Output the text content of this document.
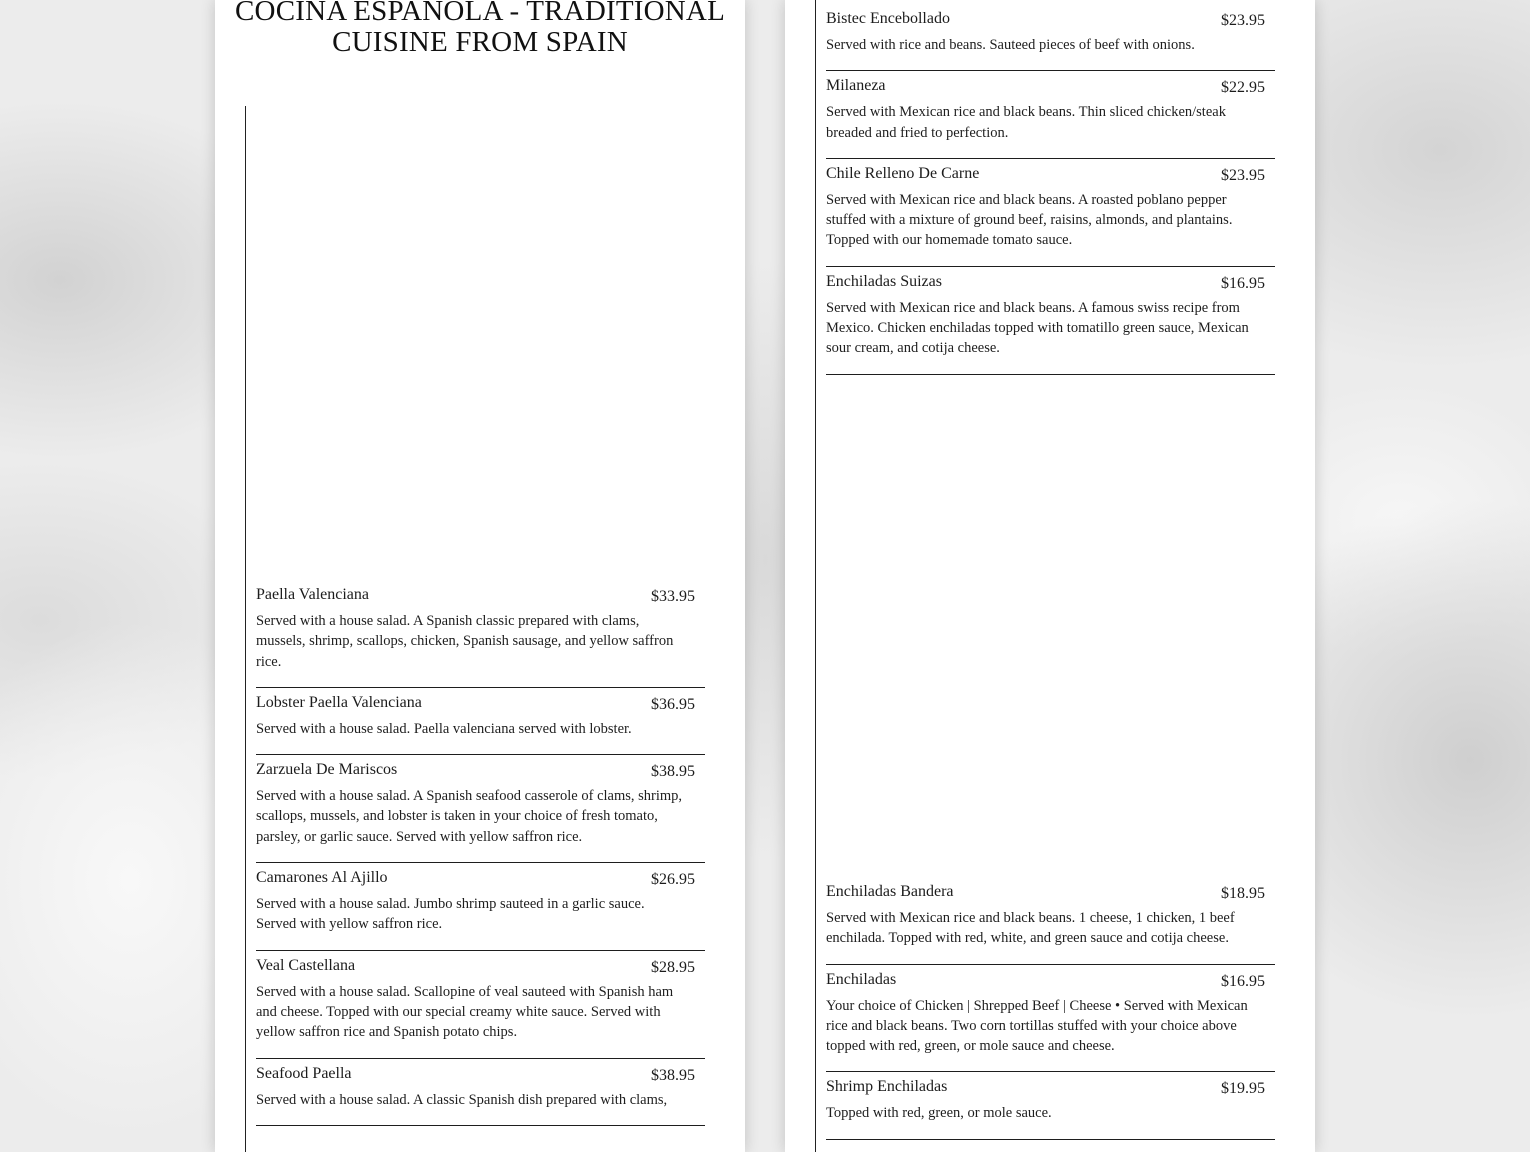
COCINA ESPANOLA - TRADITIONAL CUISINE FROM SPAIN
Paella Valenciana	$33.95

Served with a house salad. A Spanish classic prepared with clams, mussels, shrimp, scallops, chicken, Spanish sausage, and yellow saffron rice.

Lobster Paella Valenciana	$36.95

Served with a house salad. Paella valenciana served with lobster.

Zarzuela De Mariscos	$38.95

Served with a house salad. A Spanish seafood casserole of clams, shrimp, scallops, mussels, and lobster is taken in your choice of fresh tomato, parsley, or garlic sauce. Served with yellow saffron rice.

Camarones Al Ajillo	$26.95

Served with a house salad. Jumbo shrimp sauteed in a garlic sauce. Served with yellow saffron rice.

Veal Castellana	$28.95

Served with a house salad. Scallopine of veal sauteed with Spanish ham and cheese. Topped with our special creamy white sauce. Served with yellow saffron rice and Spanish potato chips.

Seafood Paella	$38.95

Served with a house salad. A classic Spanish dish prepared with clams,

Bistec Encebollado	$23.95

Served with rice and beans. Sauteed pieces of beef with onions.

Milaneza	$22.95

Served with Mexican rice and black beans. Thin sliced chicken/steak breaded and fried to perfection.

Chile Relleno De Carne	$23.95

Served with Mexican rice and black beans. A roasted poblano pepper stuffed with a mixture of ground beef, raisins, almonds, and plantains. Topped with our homemade tomato sauce.

Enchiladas Suizas	$16.95

Served with Mexican rice and black beans. A famous swiss recipe from Mexico. Chicken enchiladas topped with tomatillo green sauce, Mexican sour cream, and cotija cheese.

Enchiladas Bandera	$18.95

Served with Mexican rice and black beans. 1 cheese, 1 chicken, 1 beef enchilada. Topped with red, white, and green sauce and cotija cheese.

Enchiladas	$16.95

Your choice of Chicken | Shrepped Beef | Cheese • Served with Mexican rice and black beans. Two corn tortillas stuffed with your choice above topped with red, green, or mole sauce and cheese.

Shrimp Enchiladas	$19.95

Topped with red, green, or mole sauce.
